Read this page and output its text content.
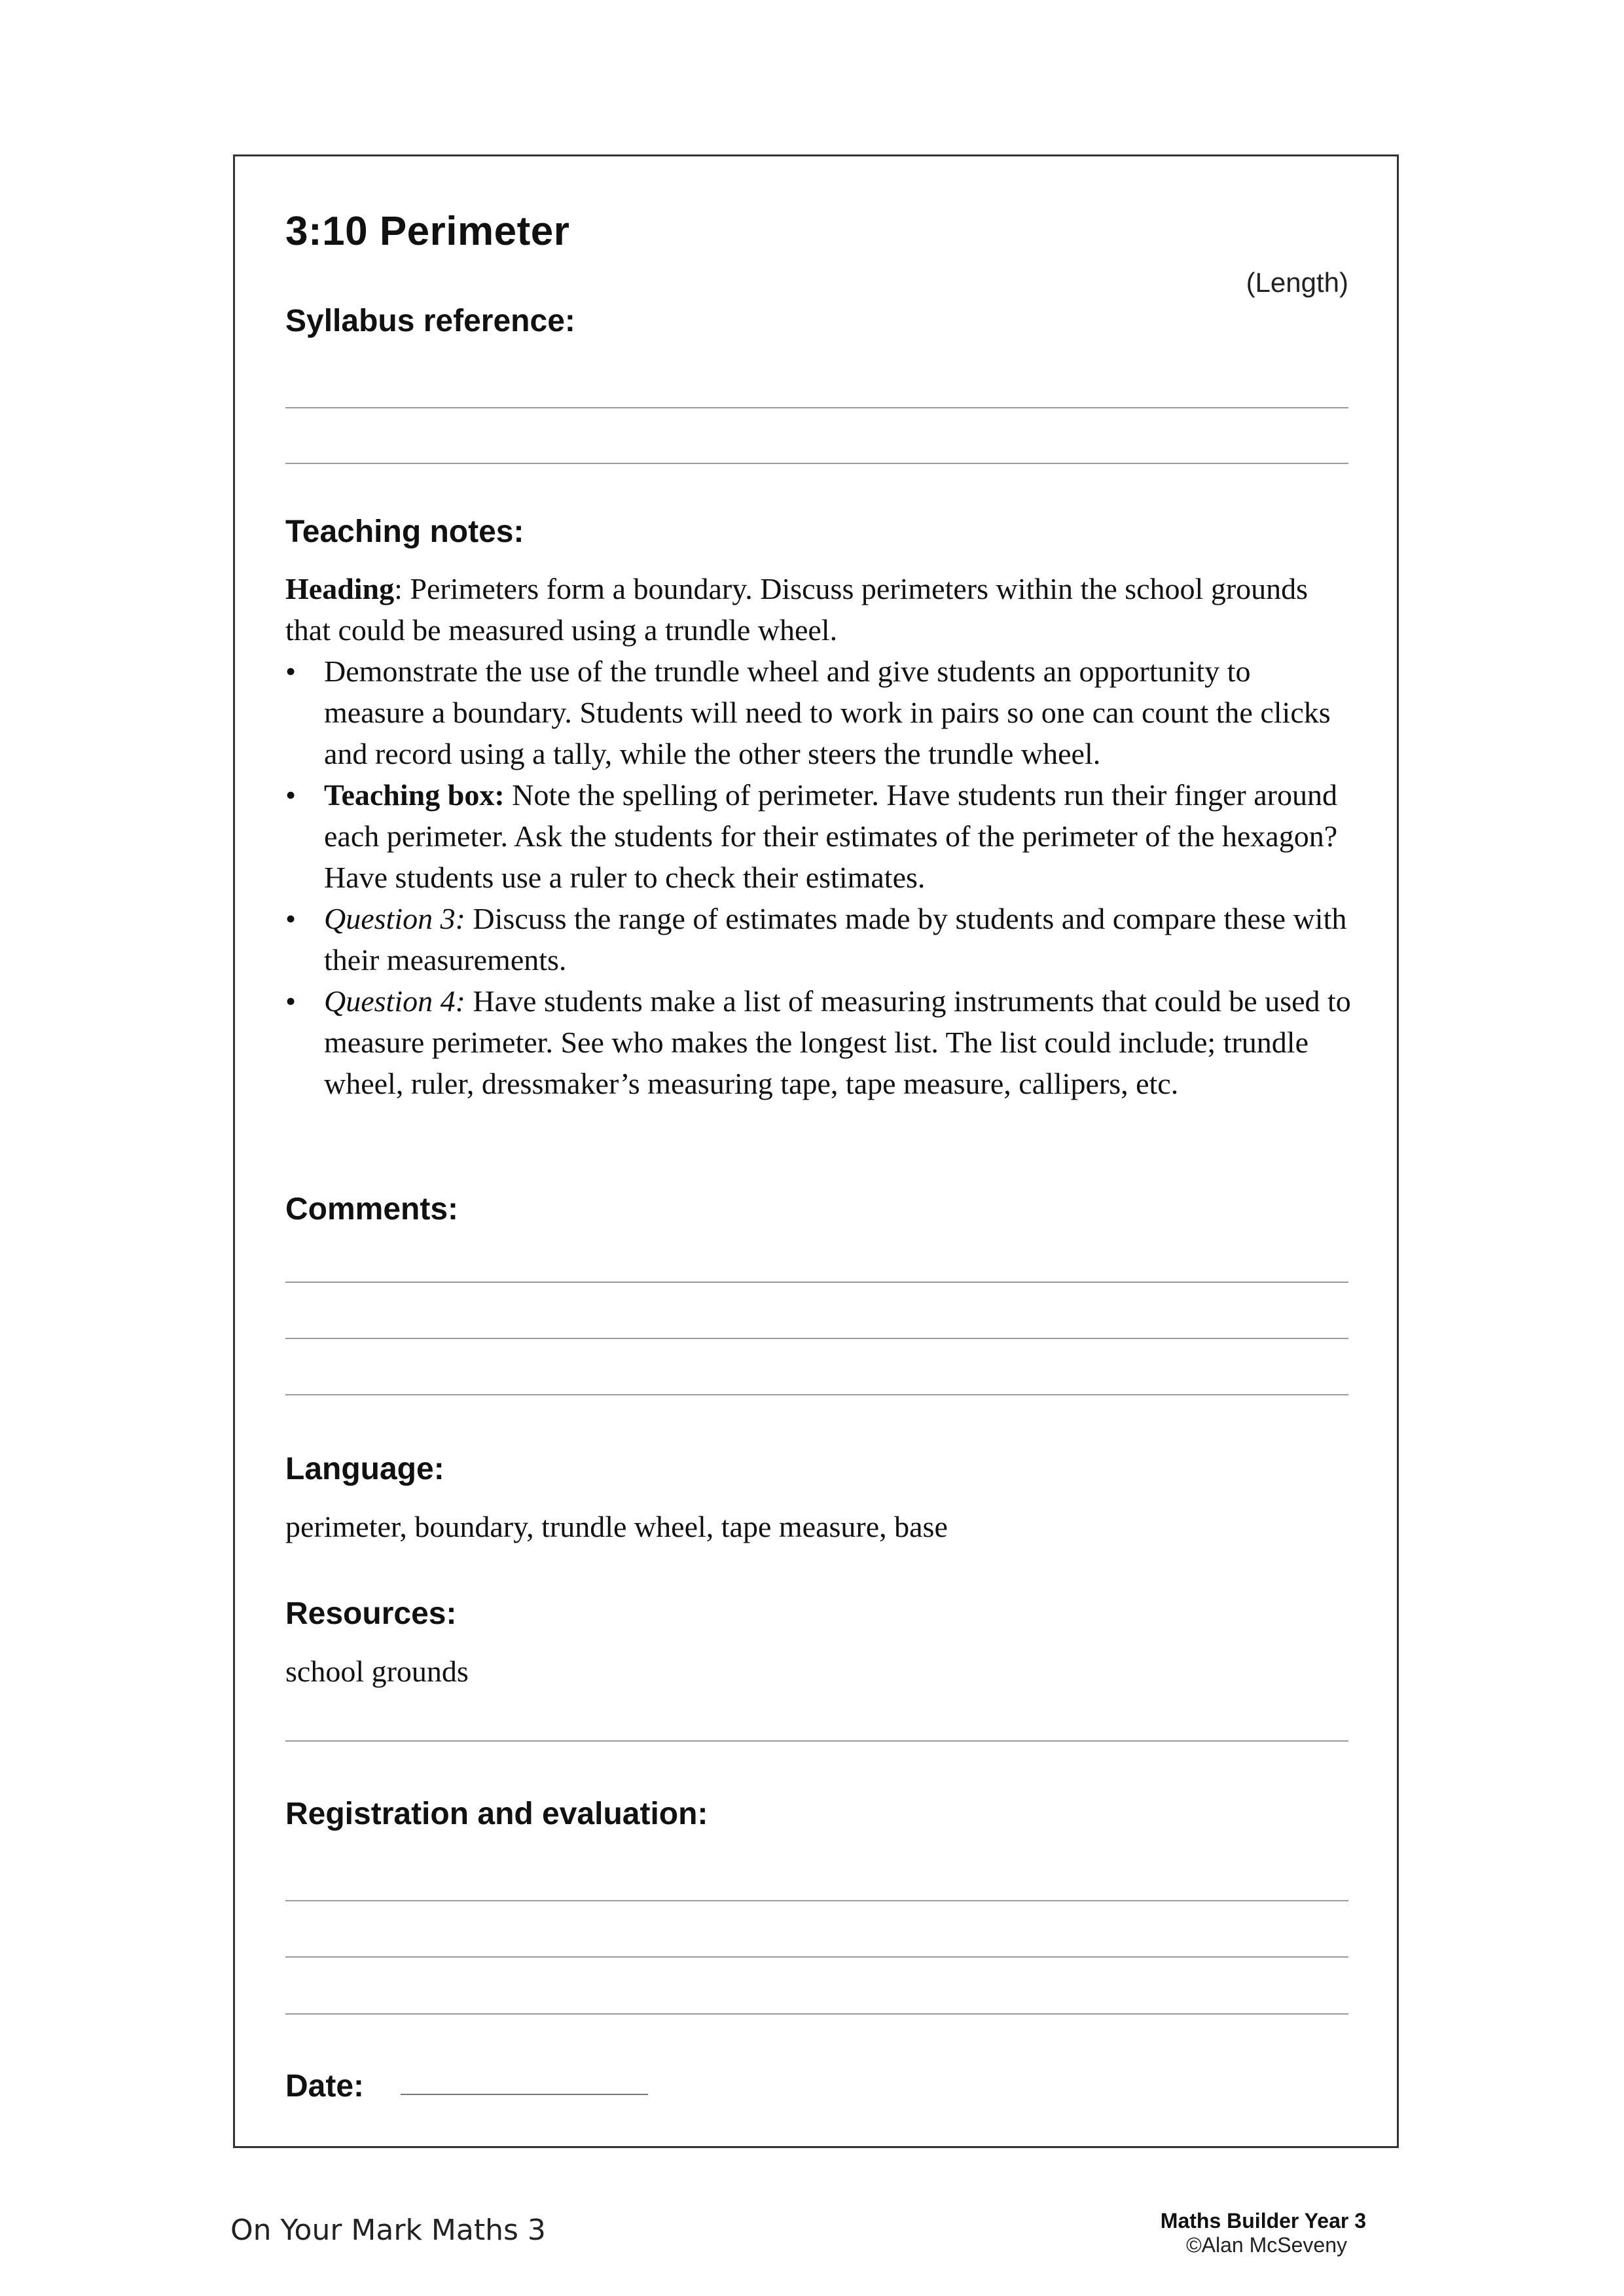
3:10 Perimeter
(Length)
Syllabus reference:
Teaching notes:

Heading: Perimeters form a boundary. Discuss perimeters within the school grounds that could be measured using a trundle wheel.

• Demonstrate the use of the trundle wheel and give students an opportunity to measure a boundary. Students will need to work in pairs so one can count the clicks and record using a tally, while the other steers the trundle wheel.
• Teaching box: Note the spelling of perimeter. Have students run their finger around each perimeter. Ask the students for their estimates of the perimeter of the hexagon? Have students use a ruler to check their estimates.
• Question 3: Discuss the range of estimates made by students and compare these with their measurements.
• Question 4: Have students make a list of measuring instruments that could be used to measure perimeter. See who makes the longest list. The list could include; trundle wheel, ruler, dressmaker’s measuring tape, tape measure, callipers, etc.
Comments:
Language:
perimeter, boundary, trundle wheel, tape measure, base
Resources:
school grounds
Registration and evaluation:
Date:
On Your Mark Maths 3	Maths Builder Year 3
©Alan McSeveny
